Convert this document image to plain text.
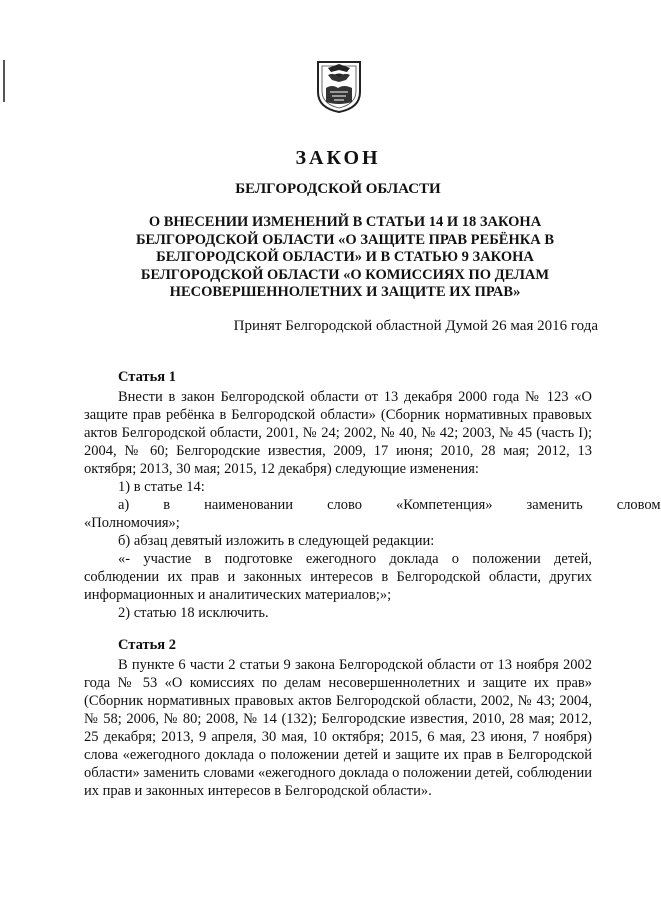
ЗАКОН
БЕЛГОРОДСКОЙ ОБЛАСТИ
О ВНЕСЕНИИ ИЗМЕНЕНИЙ В СТАТЬИ 14 И 18 ЗАКОНА
БЕЛГОРОДСКОЙ ОБЛАСТИ «О ЗАЩИТЕ ПРАВ РЕБЁНКА В
БЕЛГОРОДСКОЙ ОБЛАСТИ» И В СТАТЬЮ 9 ЗАКОНА
БЕЛГОРОДСКОЙ ОБЛАСТИ «О КОМИССИЯХ ПО ДЕЛАМ
НЕСОВЕРШЕННОЛЕТНИХ И ЗАЩИТЕ ИХ ПРАВ»
Принят Белгородской областной Думой 26 мая 2016 года
Статья 1

Внести в закон Белгородской области от 13 декабря 2000 года № 123 «О защите прав ребёнка в Белгородской области» (Сборник нормативных правовых актов Белгородской области, 2001, № 24; 2002, № 40, № 42; 2003, № 45 (часть I); 2004, № 60; Белгородские известия, 2009, 17 июня; 2010, 28 мая; 2012, 13 октября; 2013, 30 мая; 2015, 12 декабря) следующие изменения:

1) в статье 14:

а)	в	наименовании	слово	«Компетенция»	заменить	словом

«Полномочия»;

б) абзац девятый изложить в следующей редакции:

«- участие в подготовке ежегодного доклада о положении детей, соблюдении их прав и законных интересов в Белгородской области, других информационных и аналитических материалов;»;

2) статью 18 исключить.

Статья 2

В пункте 6 части 2 статьи 9 закона Белгородской области от 13 ноября 2002 года № 53 «О комиссиях по делам несовершеннолетних и защите их прав» (Сборник нормативных правовых актов Белгородской области, 2002, № 43; 2004, № 58; 2006, № 80; 2008, № 14 (132); Белгородские известия, 2010, 28 мая; 2012, 25 декабря; 2013, 9 апреля, 30 мая, 10 октября; 2015, 6 мая, 23 июня, 7 ноября) слова «ежегодного доклада о положении детей и защите их прав в Белгородской области» заменить словами «ежегодного доклада о положении детей, соблюдении их прав и законных интересов в Белгородской области».
